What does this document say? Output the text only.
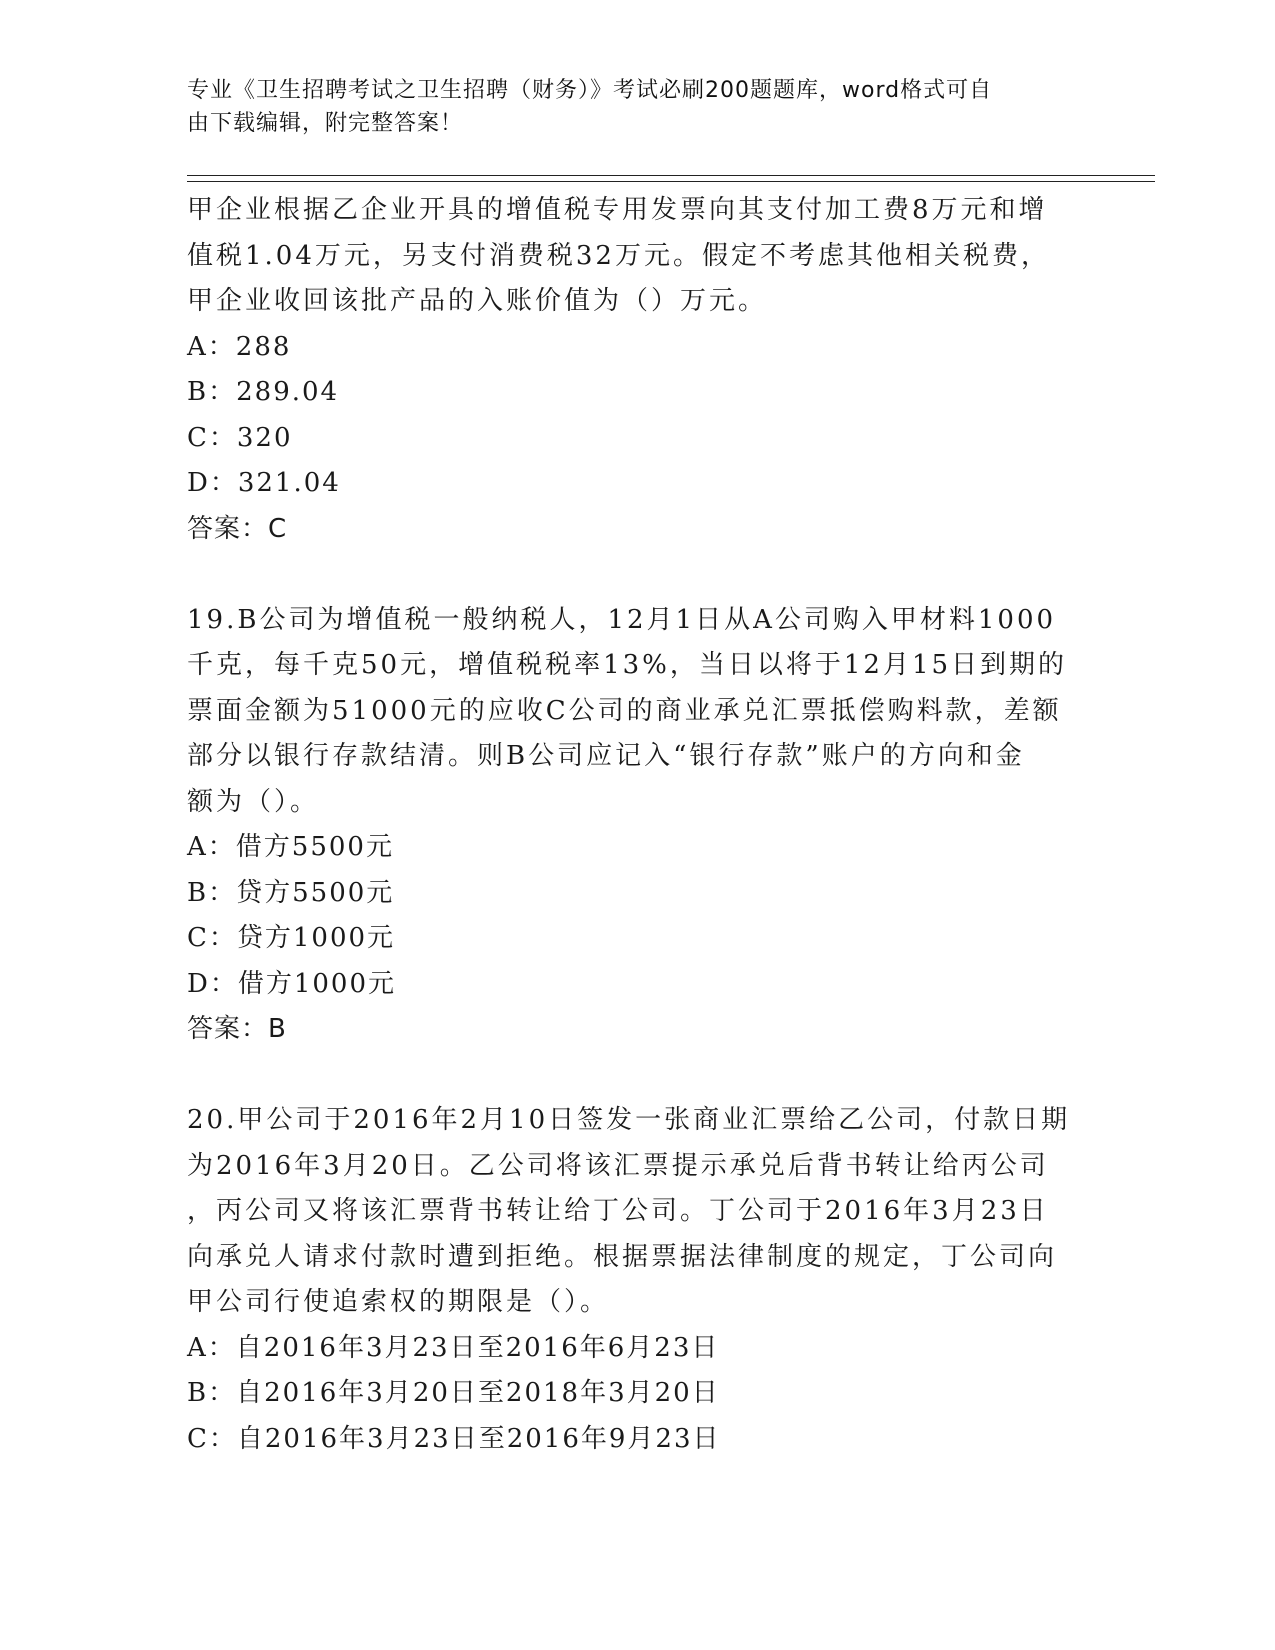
专业《卫生招聘考试之卫生招聘（财务）》考试必刷200题题库，word格式可自
由下载编辑，附完整答案！

甲企业根据乙企业开具的增值税专用发票向其支付加工费8万元和增

值税1.04万元，另支付消费税32万元。假定不考虑其他相关税费，

甲企业收回该批产品的入账价值为（）万元。

A：288

B：289.04

C：320

D：321.04

答案：C

19.B公司为增值税一般纳税人，12月1日从A公司购入甲材料1000

千克，每千克50元，增值税税率13%，当日以将于12月15日到期的

票面金额为51000元的应收C公司的商业承兑汇票抵偿购料款，差额

部分以银行存款结清。则B公司应记入“银行存款”账户的方向和金

额为（）。

A：借方5500元

B：贷方5500元

C：贷方1000元

D：借方1000元

答案：B

20.甲公司于2016年2月10日签发一张商业汇票给乙公司，付款日期

为2016年3月20日。乙公司将该汇票提示承兑后背书转让给丙公司

，丙公司又将该汇票背书转让给丁公司。丁公司于2016年3月23日

向承兑人请求付款时遭到拒绝。根据票据法律制度的规定，丁公司向

甲公司行使追索权的期限是（）。

A：自2016年3月23日至2016年6月23日

B：自2016年3月20日至2018年3月20日

C：自2016年3月23日至2016年9月23日
